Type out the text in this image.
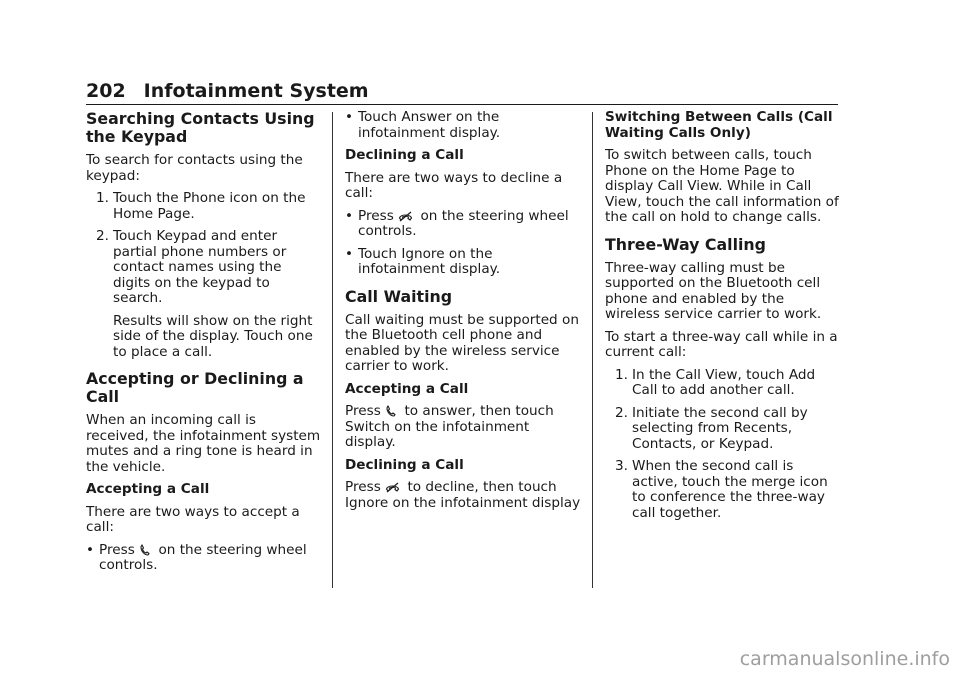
202 Infotainment System
Searching Contacts Using the Keypad

To search for contacts using the keypad:

1. Touch the Phone icon on the Home Page.
2. Touch Keypad and enter partial phone numbers or contact names using the digits on the keypad to search.

Results will show on the right side of the display. Touch one to place a call.

Accepting or Declining a Call

When an incoming call is received, the infotainment system mutes and a ring tone is heard in the vehicle.

Accepting a Call

There are two ways to accept a call:

• Press on the steering wheel controls.
• Touch Answer on the infotainment display.
Declining a Call

There are two ways to decline a call:

• Press on the steering wheel controls.
• Touch Ignore on the infotainment display.
Call Waiting

Call waiting must be supported on the Bluetooth cell phone and enabled by the wireless service carrier to work.

Accepting a Call

Press to answer, then touch Switch on the infotainment display.

Declining a Call

Press to decline, then touch Ignore on the infotainment display

Switching Between Calls (Call Waiting Calls Only)

To switch between calls, touch Phone on the Home Page to display Call View. While in Call View, touch the call information of the call on hold to change calls.

Three-Way Calling

Three-way calling must be supported on the Bluetooth cell phone and enabled by the wireless service carrier to work.

To start a three-way call while in a current call:

1. In the Call View, touch Add Call to add another call.
2. Initiate the second call by selecting from Recents, Contacts, or Keypad.
3. When the second call is active, touch the merge icon to conference the three-way call together.
carmanualsonline.info
